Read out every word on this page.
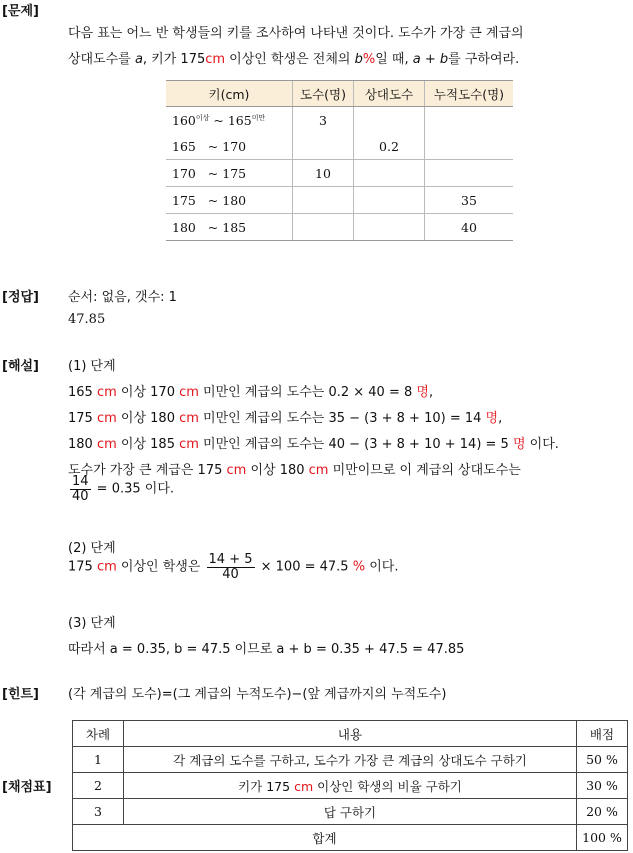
[문제]
[정답]
[해설]
[힌트]
[채점표]
다음 표는 어느 반 학생들의 키를 조사하여 나타낸 것이다. 도수가 가장 큰 계급의
상대도수를 a, 키가 175cm 이상인 학생은 전체의 b%일 때, a + b를 구하여라.
키(cm)	도수(명)	상대도수	누적도수(명)
$160^{이상}$ ~ $165^{미만}$	3		
165 ~ 170		0.2	
170 ~ 175	10		
175 ~ 180			35
180 ~ 185			40
순서: 없음, 갯수: 1
47.85
(1) 단계
165 cm 이상 170 cm 미만인 계급의 도수는 0.2 × 40 = 8 명,
175 cm 이상 180 cm 미만인 계급의 도수는 35 − (3 + 8 + 10) = 14 명,
180 cm 이상 185 cm 미만인 계급의 도수는 40 − (3 + 8 + 10 + 14) = 5 명 이다.
도수가 가장 큰 계급은 175 cm 이상 180 cm 미만이므로 이 계급의 상대도수는
$\frac{14}{40} = 0.35$ 이다.
(2) 단계
175 cm 이상인 학생은 $\frac{14 + 5}{40} \times 100 = 47.5$ % 이다.
(3) 단계
따라서 a = 0.35, b = 47.5 이므로 a + b = 0.35 + 47.5 = 47.85
(각 계급의 도수)=(그 계급의 누적도수)−(앞 계급까지의 누적도수)
차례	내용	배점
1	각 계급의 도수를 구하고, 도수가 가장 큰 계급의 상대도수 구하기	50 %
2	키가 175 cm 이상인 학생의 비율 구하기	30 %
3	답 구하기	20 %
합계		100 %
